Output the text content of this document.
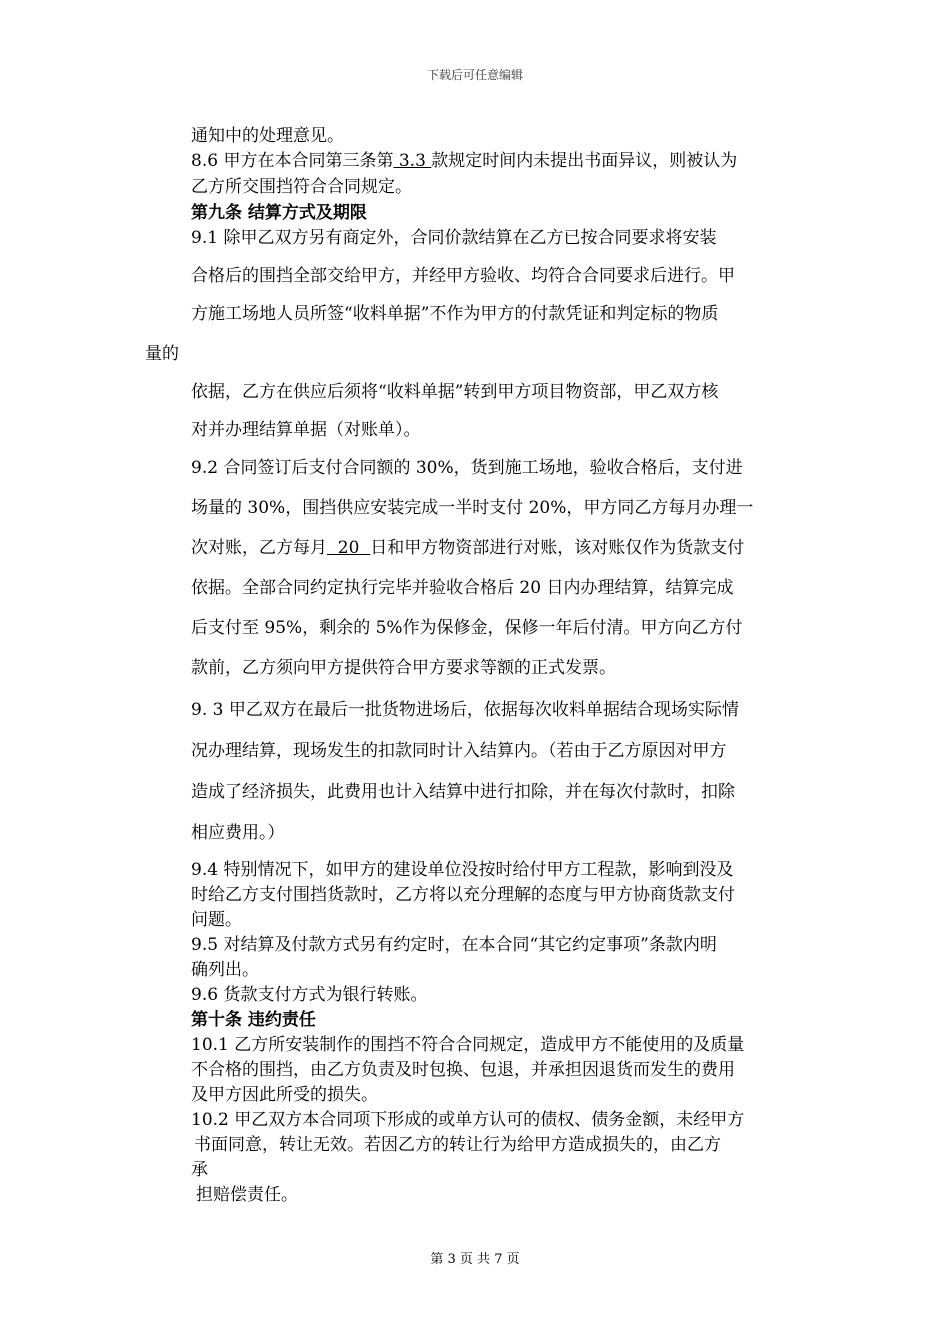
下载后可任意编辑
通知中的处理意见。
8.6 甲方在本合同第三条第 3.3 款规定时间内未提出书面异议，则被认为
乙方所交围挡符合合同规定。
第九条 结算方式及期限
9.1 除甲乙双方另有商定外，合同价款结算在乙方已按合同要求将安装
合格后的围挡全部交给甲方，并经甲方验收、均符合合同要求后进行。甲
方施工场地人员所签“收料单据”不作为甲方的付款凭证和判定标的物质
量的
依据，乙方在供应后须将“收料单据”转到甲方项目物资部，甲乙双方核
对并办理结算单据（对账单）。
9.2 合同签订后支付合同额的 30%，货到施工场地，验收合格后，支付进
场量的 30%，围挡供应安装完成一半时支付 20%，甲方同乙方每月办理一
次对账，乙方每月  20  日和甲方物资部进行对账，该对账仅作为货款支付
依据。全部合同约定执行完毕并验收合格后 20 日内办理结算，结算完成
后支付至 95%，剩余的 5%作为保修金，保修一年后付清。甲方向乙方付
款前，乙方须向甲方提供符合甲方要求等额的正式发票。
9. 3 甲乙双方在最后一批货物进场后，依据每次收料单据结合现场实际情
况办理结算，现场发生的扣款同时计入结算内。（若由于乙方原因对甲方
造成了经济损失，此费用也计入结算中进行扣除，并在每次付款时，扣除
相应费用。）
9.4 特别情况下，如甲方的建设单位没按时给付甲方工程款，影响到没及
时给乙方支付围挡货款时，乙方将以充分理解的态度与甲方协商货款支付
问题。
9.5 对结算及付款方式另有约定时，在本合同“其它约定事项”条款内明
确列出。
9.6 货款支付方式为银行转账。
第十条 违约责任
10.1 乙方所安装制作的围挡不符合合同规定，造成甲方不能使用的及质量
不合格的围挡，由乙方负责及时包换、包退，并承担因退货而发生的费用
及甲方因此所受的损失。
10.2 甲乙双方本合同项下形成的或单方认可的债权、债务金额，未经甲方
书面同意，转让无效。若因乙方的转让行为给甲方造成损失的，由乙方
承
担赔偿责任。
第 3 页 共 7 页
